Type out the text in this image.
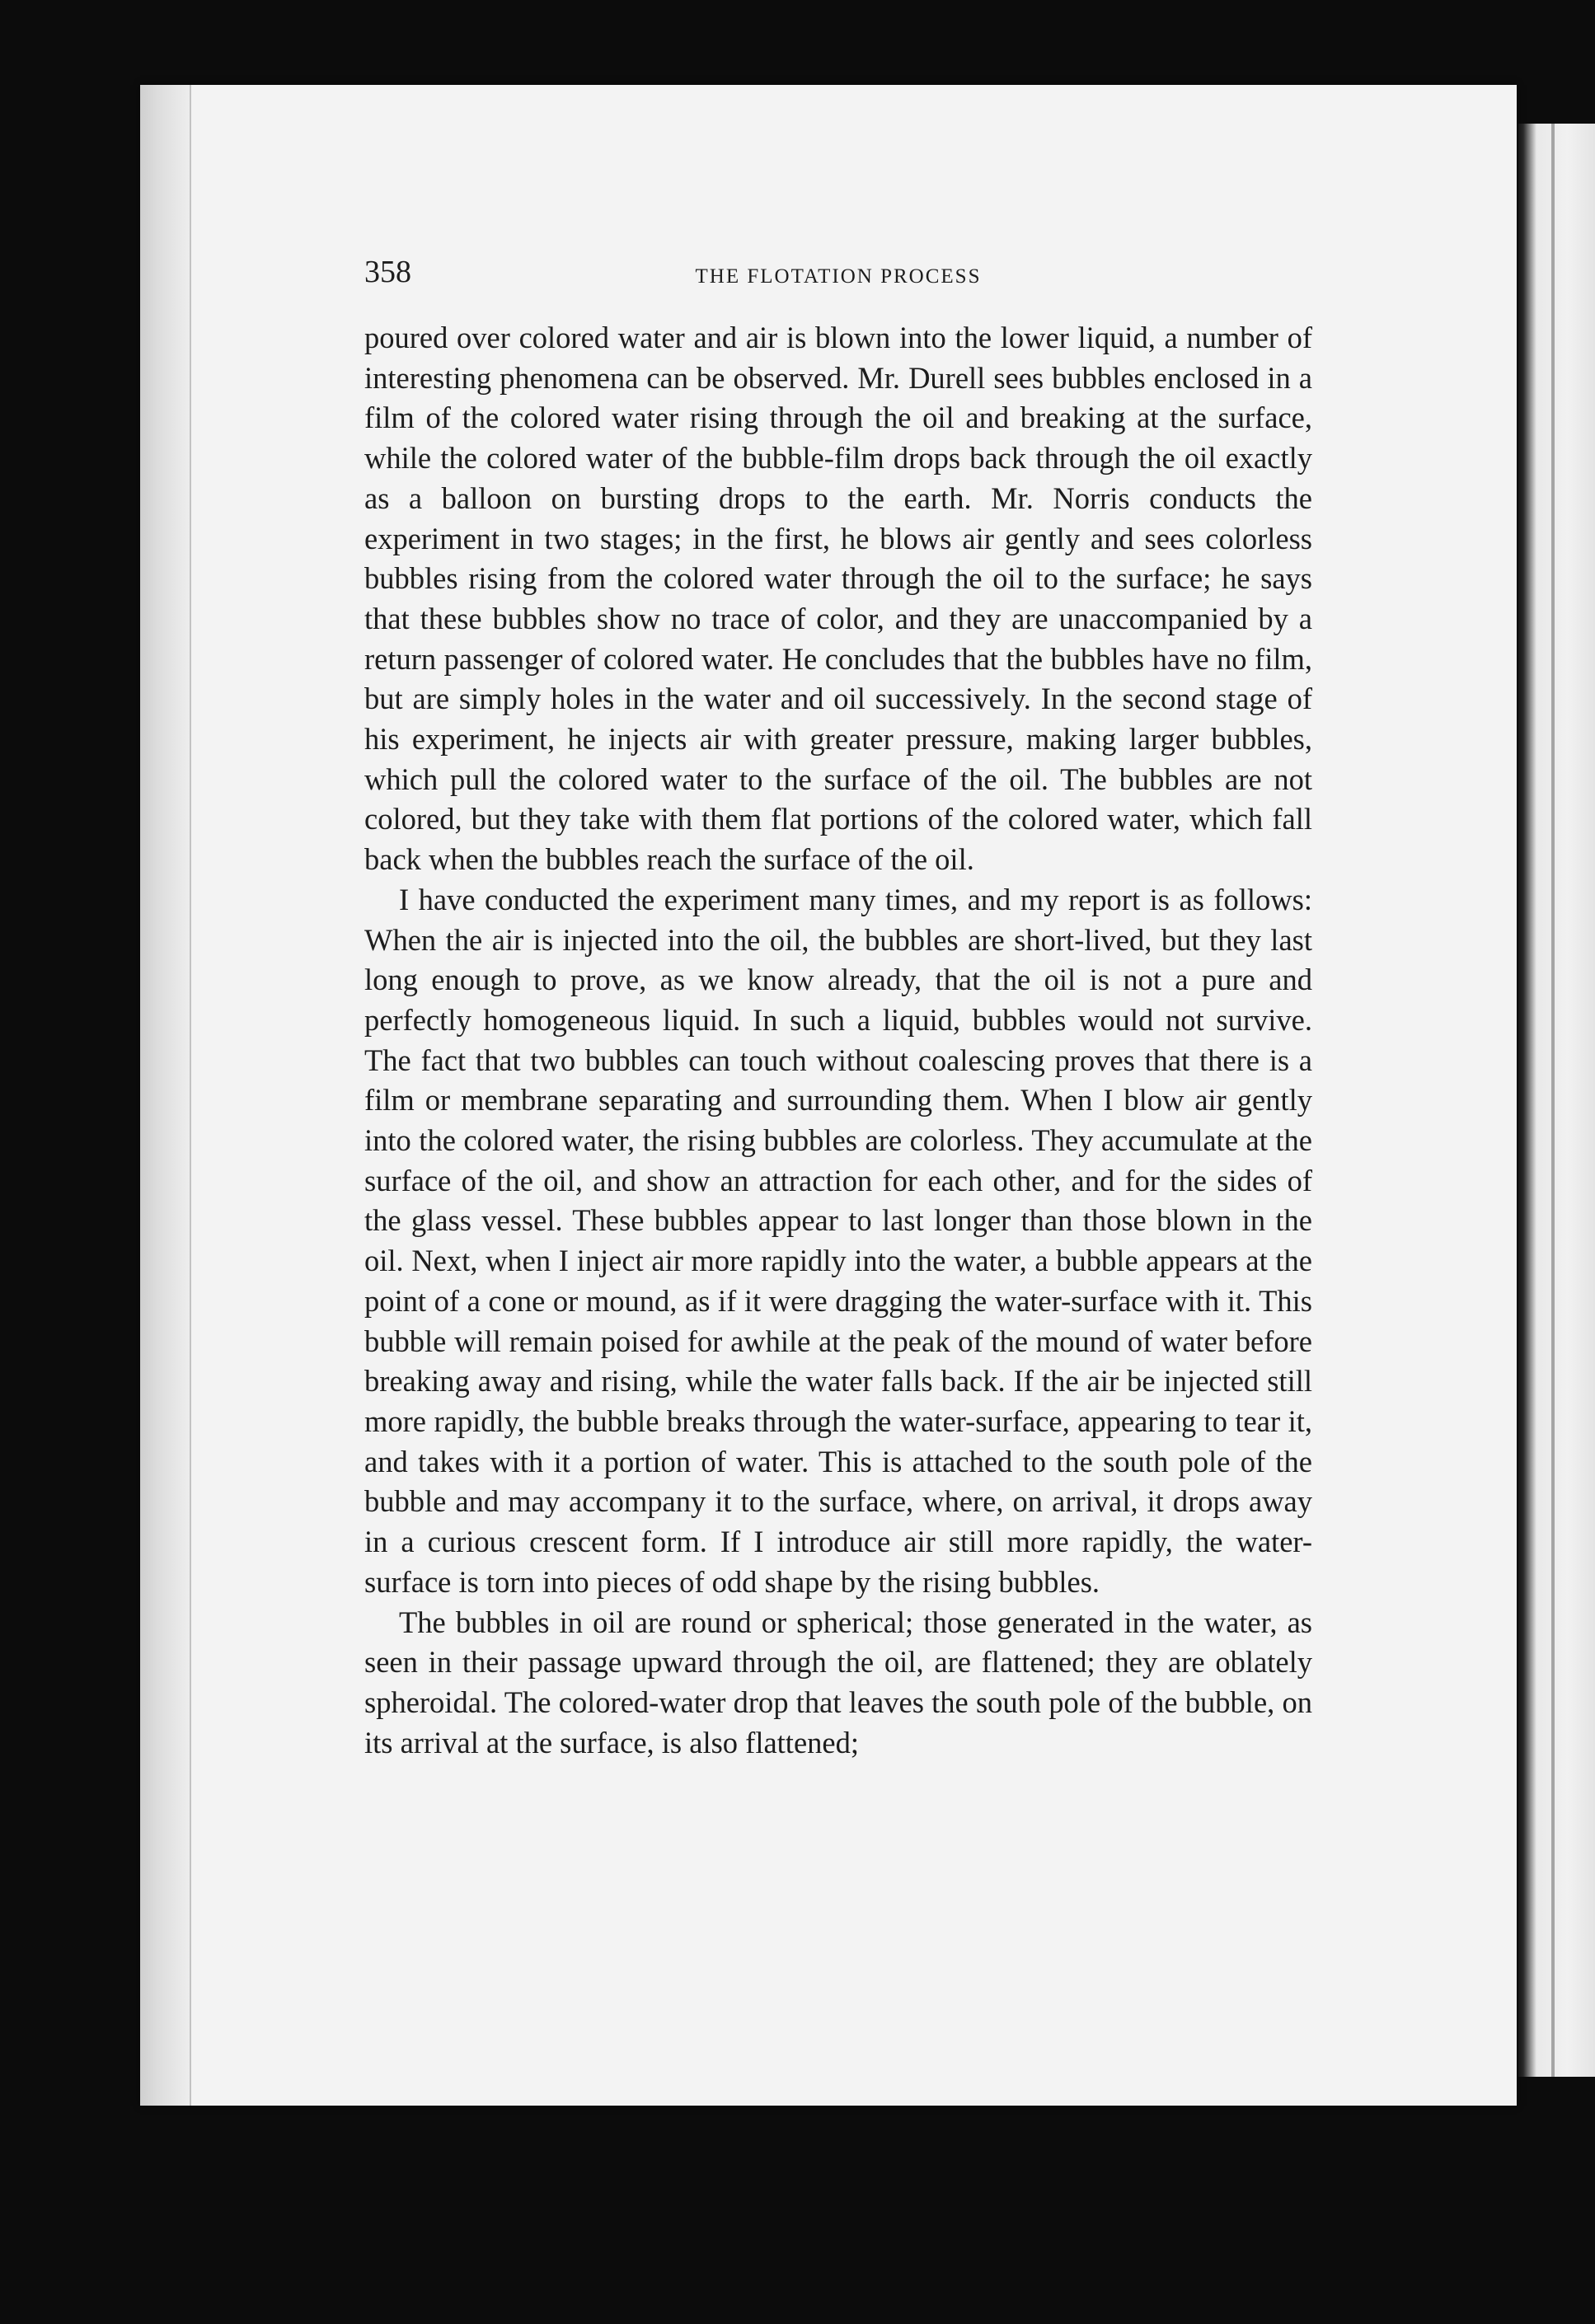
358	THE FLOTATION PROCESS

poured over colored water and air is blown into the lower liquid, a number of interesting phenomena can be observed. Mr. Durell sees bubbles enclosed in a film of the colored water rising through the oil and breaking at the surface, while the colored water of the bubble-film drops back through the oil exactly as a balloon on bursting drops to the earth. Mr. Norris conducts the experiment in two stages; in the first, he blows air gently and sees colorless bubbles rising from the colored water through the oil to the surface; he says that these bubbles show no trace of color, and they are unaccompanied by a return passenger of colored water. He concludes that the bubbles have no film, but are simply holes in the water and oil successively. In the second stage of his experiment, he injects air with greater pressure, making larger bubbles, which pull the colored water to the surface of the oil. The bubbles are not colored, but they take with them flat portions of the colored water, which fall back when the bubbles reach the surface of the oil.

I have conducted the experiment many times, and my report is as follows: When the air is injected into the oil, the bubbles are short-lived, but they last long enough to prove, as we know already, that the oil is not a pure and perfectly homogeneous liquid. In such a liquid, bubbles would not survive. The fact that two bubbles can touch without coalescing proves that there is a film or membrane separating and surrounding them. When I blow air gently into the colored water, the rising bubbles are colorless. They accumulate at the surface of the oil, and show an attraction for each other, and for the sides of the glass vessel. These bubbles appear to last longer than those blown in the oil. Next, when I inject air more rapidly into the water, a bubble appears at the point of a cone or mound, as if it were dragging the water-surface with it. This bubble will remain poised for awhile at the peak of the mound of water before breaking away and rising, while the water falls back. If the air be injected still more rapidly, the bubble breaks through the water-surface, appearing to tear it, and takes with it a portion of water. This is attached to the south pole of the bubble and may accompany it to the surface, where, on arrival, it drops away in a curious crescent form. If I introduce air still more rapidly, the water-surface is torn into pieces of odd shape by the rising bubbles.

The bubbles in oil are round or spherical; those generated in the water, as seen in their passage upward through the oil, are flattened; they are oblately spheroidal. The colored-water drop that leaves the south pole of the bubble, on its arrival at the surface, is also flattened;
